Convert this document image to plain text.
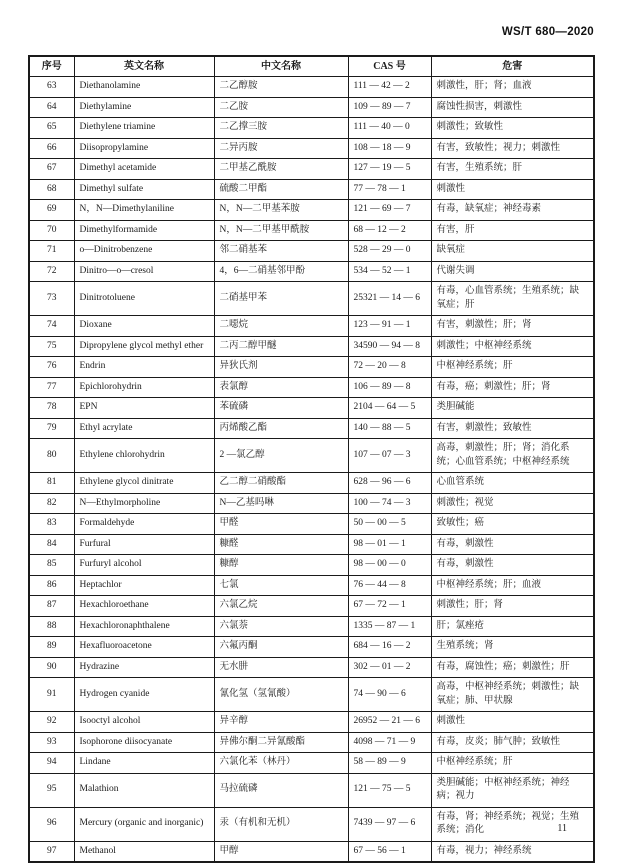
WS/T 680—2020
序号	英文名称	中文名称	CAS 号	危害
63	Diethanolamine	二乙醇胺	111 — 42 — 2	刺激性，肝；肾；血液
64	Diethylamine	二乙胺	109 — 89 — 7	腐蚀性损害，刺激性
65	Diethylene triamine	二乙撑三胺	111 — 40 — 0	刺激性；致敏性
66	Diisopropylamine	二异丙胺	108 — 18 — 9	有害，致敏性；视力；刺激性
67	Dimethyl acetamide	二甲基乙酰胺	127 — 19 — 5	有害，生殖系统；肝
68	Dimethyl sulfate	硫酸二甲酯	77 — 78 — 1	刺激性
69	N，N—Dimethylaniline	N，N—二甲基苯胺	121 — 69 — 7	有毒，缺氧症；神经毒素
70	Dimethylformamide	N，N—二甲基甲酰胺	68 — 12 — 2	有害，肝
71	o—Dinitrobenzene	邻二硝基苯	528 — 29 — 0	缺氧症
72	Dinitro—o—cresol	4，6—二硝基邻甲酚	534 — 52 — 1	代谢失调
73	Dinitrotoluene	二硝基甲苯	25321 — 14 — 6	有毒，心血管系统；生殖系统；缺氧症；肝
74	Dioxane	二噁烷	123 — 91 — 1	有害，刺激性；肝；肾
75	Dipropylene glycol methyl ether	二丙二醇甲醚	34590 — 94 — 8	刺激性；中枢神经系统
76	Endrin	异狄氏剂	72 — 20 — 8	中枢神经系统；肝
77	Epichlorohydrin	表氯醇	106 — 89 — 8	有毒，癌；刺激性；肝；肾
78	EPN	苯硫磷	2104 — 64 — 5	类胆碱能
79	Ethyl acrylate	丙烯酸乙酯	140 — 88 — 5	有害，刺激性；致敏性
80	Ethylene chlorohydrin	2 —氯乙醇	107 — 07 — 3	高毒，刺激性；肝；肾；消化系统；心血管系统；中枢神经系统
81	Ethylene glycol dinitrate	乙二醇二硝酸酯	628 — 96 — 6	心血管系统
82	N—Ethylmorpholine	N—乙基吗啉	100 — 74 — 3	刺激性；视觉
83	Formaldehyde	甲醛	50 — 00 — 5	致敏性；癌
84	Furfural	糠醛	98 — 01 — 1	有毒，刺激性
85	Furfuryl alcohol	糠醇	98 — 00 — 0	有毒，刺激性
86	Heptachlor	七氯	76 — 44 — 8	中枢神经系统；肝；血液
87	Hexachloroethane	六氯乙烷	67 — 72 — 1	刺激性；肝；肾
88	Hexachloronaphthalene	六氯萘	1335 — 87 — 1	肝；氯痤疮
89	Hexafluoroacetone	六氟丙酮	684 — 16 — 2	生殖系统；肾
90	Hydrazine	无水肼	302 — 01 — 2	有毒，腐蚀性；癌；刺激性；肝
91	Hydrogen cyanide	氰化氢（氢氰酸）	74 — 90 — 6	高毒，中枢神经系统；刺激性；缺氧症；肺、甲状腺
92	Isooctyl alcohol	异辛醇	26952 — 21 — 6	刺激性
93	Isophorone diisocyanate	异佛尔酮二异氰酸酯	4098 — 71 — 9	有毒，皮炎；肺气肿；致敏性
94	Lindane	六氯化苯（林丹）	58 — 89 — 9	中枢神经系统；肝
95	Malathion	马拉硫磷	121 — 75 — 5	类胆碱能；中枢神经系统；神经病；视力
96	Mercury (organic and inorganic)	汞（有机和无机）	7439 — 97 — 6	有毒，肾；神经系统；视觉；生殖系统；消化
97	Methanol	甲醇	67 — 56 — 1	有毒，视力；神经系统
11
